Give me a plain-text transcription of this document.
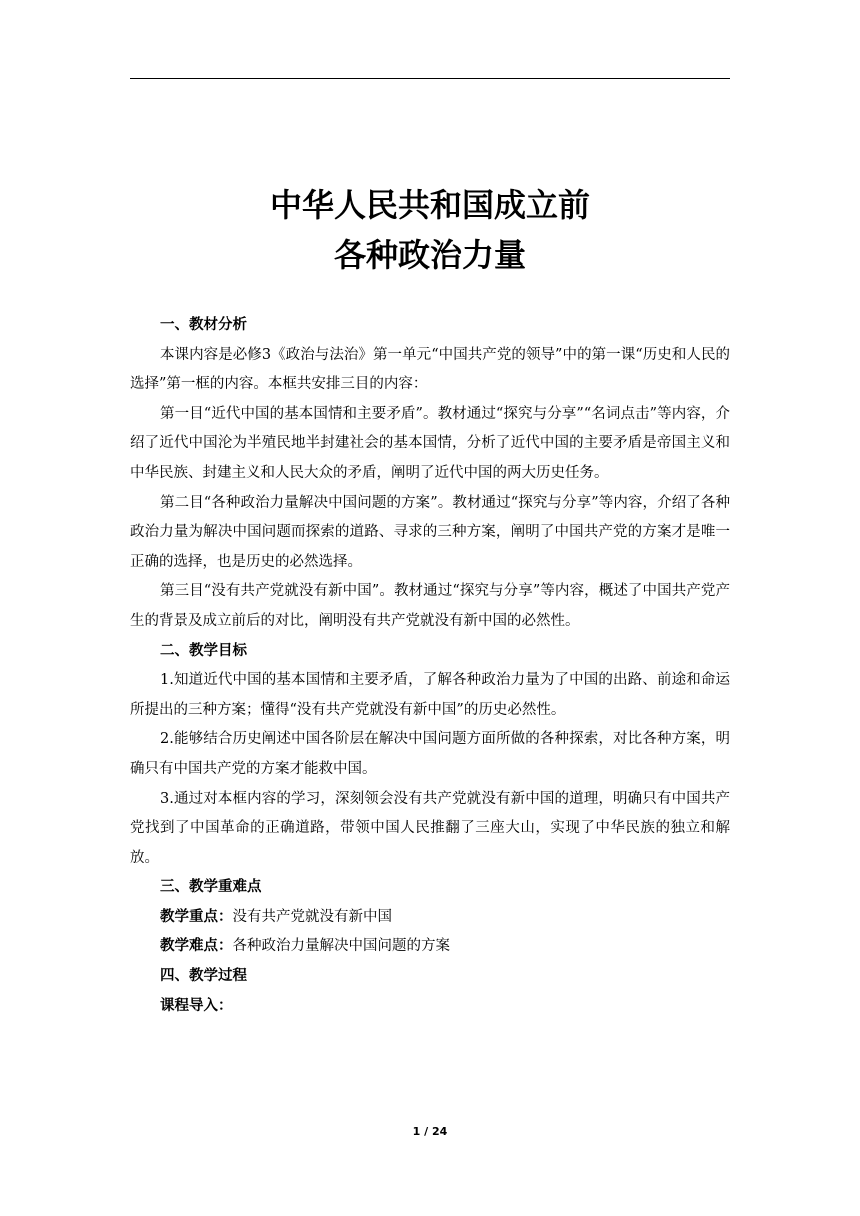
中华人民共和国成立前
各种政治力量

一、教材分析

本课内容是必修3《政治与法治》第一单元“中国共产党的领导”中的第一课“历史和人民的选择”第一框的内容。本框共安排三目的内容：

第一目“近代中国的基本国情和主要矛盾”。教材通过“探究与分享”“名词点击”等内容，介绍了近代中国沦为半殖民地半封建社会的基本国情，分析了近代中国的主要矛盾是帝国主义和中华民族、封建主义和人民大众的矛盾，阐明了近代中国的两大历史任务。

第二目“各种政治力量解决中国问题的方案”。教材通过“探究与分享”等内容，介绍了各种政治力量为解决中国问题而探索的道路、寻求的三种方案，阐明了中国共产党的方案才是唯一正确的选择，也是历史的必然选择。

第三目“没有共产党就没有新中国”。教材通过“探究与分享”等内容，概述了中国共产党产生的背景及成立前后的对比，阐明没有共产党就没有新中国的必然性。

二、教学目标

1.知道近代中国的基本国情和主要矛盾，了解各种政治力量为了中国的出路、前途和命运所提出的三种方案；懂得“没有共产党就没有新中国”的历史必然性。

2.能够结合历史阐述中国各阶层在解决中国问题方面所做的各种探索，对比各种方案，明确只有中国共产党的方案才能救中国。

3.通过对本框内容的学习，深刻领会没有共产党就没有新中国的道理，明确只有中国共产党找到了中国革命的正确道路，带领中国人民推翻了三座大山，实现了中华民族的独立和解放。

三、教学重难点

教学重点：没有共产党就没有新中国

教学难点：各种政治力量解决中国问题的方案

四、教学过程

课程导入：

1 / 24
